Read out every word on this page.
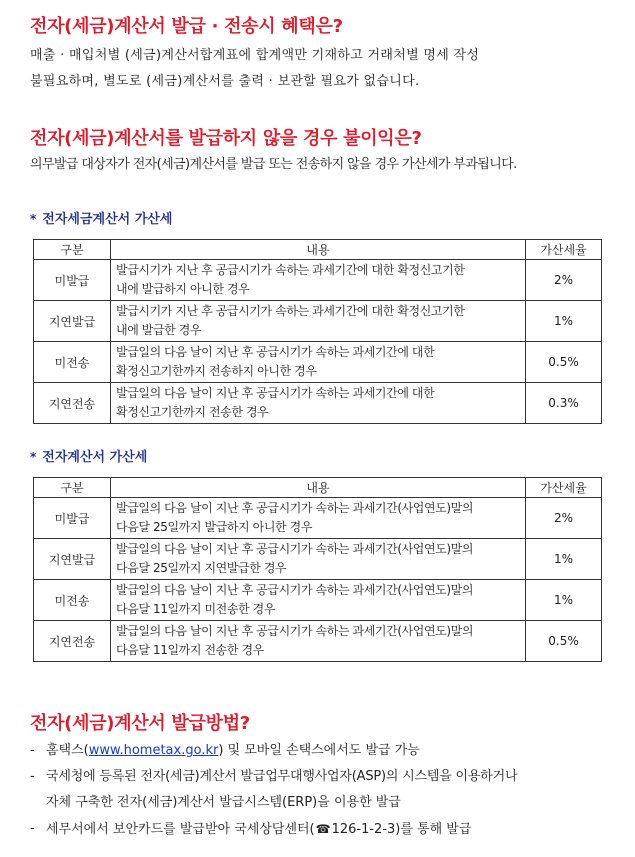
전자(세금)계산서 발급 · 전송시 혜택은?

매출 · 매입처별 (세금)계산서합계표에 합계액만 기재하고 거래처별 명세 작성
불필요하며, 별도로 (세금)계산서를 출력 · 보관할 필요가 없습니다.

전자(세금)계산서를 발급하지 않을 경우 불이익은?

의무발급 대상자가 전자(세금)계산서를 발급 또는 전송하지 않을 경우 가산세가 부과됩니다.

* 전자세금계산서 가산세
구분	내용	가산세율
미발급	발급시기가 지난 후 공급시기가 속하는 과세기간에 대한 확정신고기한
내에 발급하지 아니한 경우	2%
지연발급	발급시기가 지난 후 공급시기가 속하는 과세기간에 대한 확정신고기한
내에 발급한 경우	1%
미전송	발급일의 다음 날이 지난 후 공급시기가 속하는 과세기간에 대한
확정신고기한까지 전송하지 아니한 경우	0.5%
지연전송	발급일의 다음 날이 지난 후 공급시기가 속하는 과세기간에 대한
확정신고기한까지 전송한 경우	0.3%
* 전자계산서 가산세
구분	내용	가산세율
미발급	발급일의 다음 날이 지난 후 공급시기가 속하는 과세기간(사업연도)말의
다음달 25일까지 발급하지 아니한 경우	2%
지연발급	발급일의 다음 날이 지난 후 공급시기가 속하는 과세기간(사업연도)말의
다음달 25일까지 지연발급한 경우	1%
미전송	발급일의 다음 날이 지난 후 공급시기가 속하는 과세기간(사업연도)말의
다음달 11일까지 미전송한 경우	1%
지연전송	발급일의 다음 날이 지난 후 공급시기가 속하는 과세기간(사업연도)말의
다음달 11일까지 전송한 경우	0.5%
전자(세금)계산서 발급방법?
- 홈택스(www.hometax.go.kr) 및 모바일 손택스에서도 발급 가능
- 국세청에 등록된 전자(세금)계산서 발급업무대행사업자(ASP)의 시스템을 이용하거나
자체 구축한 전자(세금)계산서 발급시스템(ERP)을 이용한 발급
- 세무서에서 보안카드를 발급받아 국세상담센터(☎126-1-2-3)를 통해 발급
